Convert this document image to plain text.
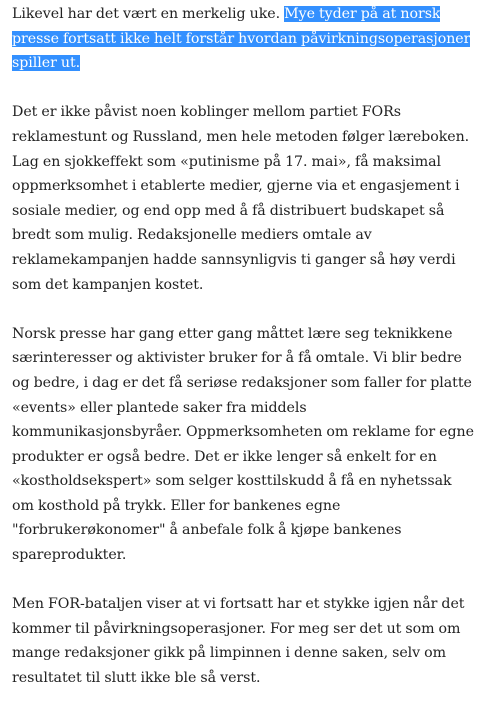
Likevel har det vært en merkelig uke. Mye tyder på at norsk presse fortsatt ikke helt forstår hvordan påvirkningsoperasjoner spiller ut.

Det er ikke påvist noen koblinger mellom partiet FORs reklamestunt og Russland, men hele metoden følger læreboken. Lag en sjokkeffekt som «putinisme på 17. mai», få maksimal oppmerksomhet i etablerte medier, gjerne via et engasjement i sosiale medier, og end opp med å få distribuert budskapet så bredt som mulig. Redaksjonelle mediers omtale av reklamekampanjen hadde sannsynligvis ti ganger så høy verdi som det kampanjen kostet.

Norsk presse har gang etter gang måttet lære seg teknikkene særinteresser og aktivister bruker for å få omtale. Vi blir bedre og bedre, i dag er det få seriøse redaksjoner som faller for platte «events» eller plantede saker fra middels kommunikasjonsbyråer. Oppmerksomheten om reklame for egne produkter er også bedre. Det er ikke lenger så enkelt for en «kostholdsekspert» som selger kosttilskudd å få en nyhetssak om kosthold på trykk. Eller for bankenes egne "forbrukerøkonomer" å anbefale folk å kjøpe bankenes spareprodukter.

Men FOR-bataljen viser at vi fortsatt har et stykke igjen når det kommer til påvirkningsoperasjoner. For meg ser det ut som om mange redaksjoner gikk på limpinnen i denne saken, selv om resultatet til slutt ikke ble så verst.
